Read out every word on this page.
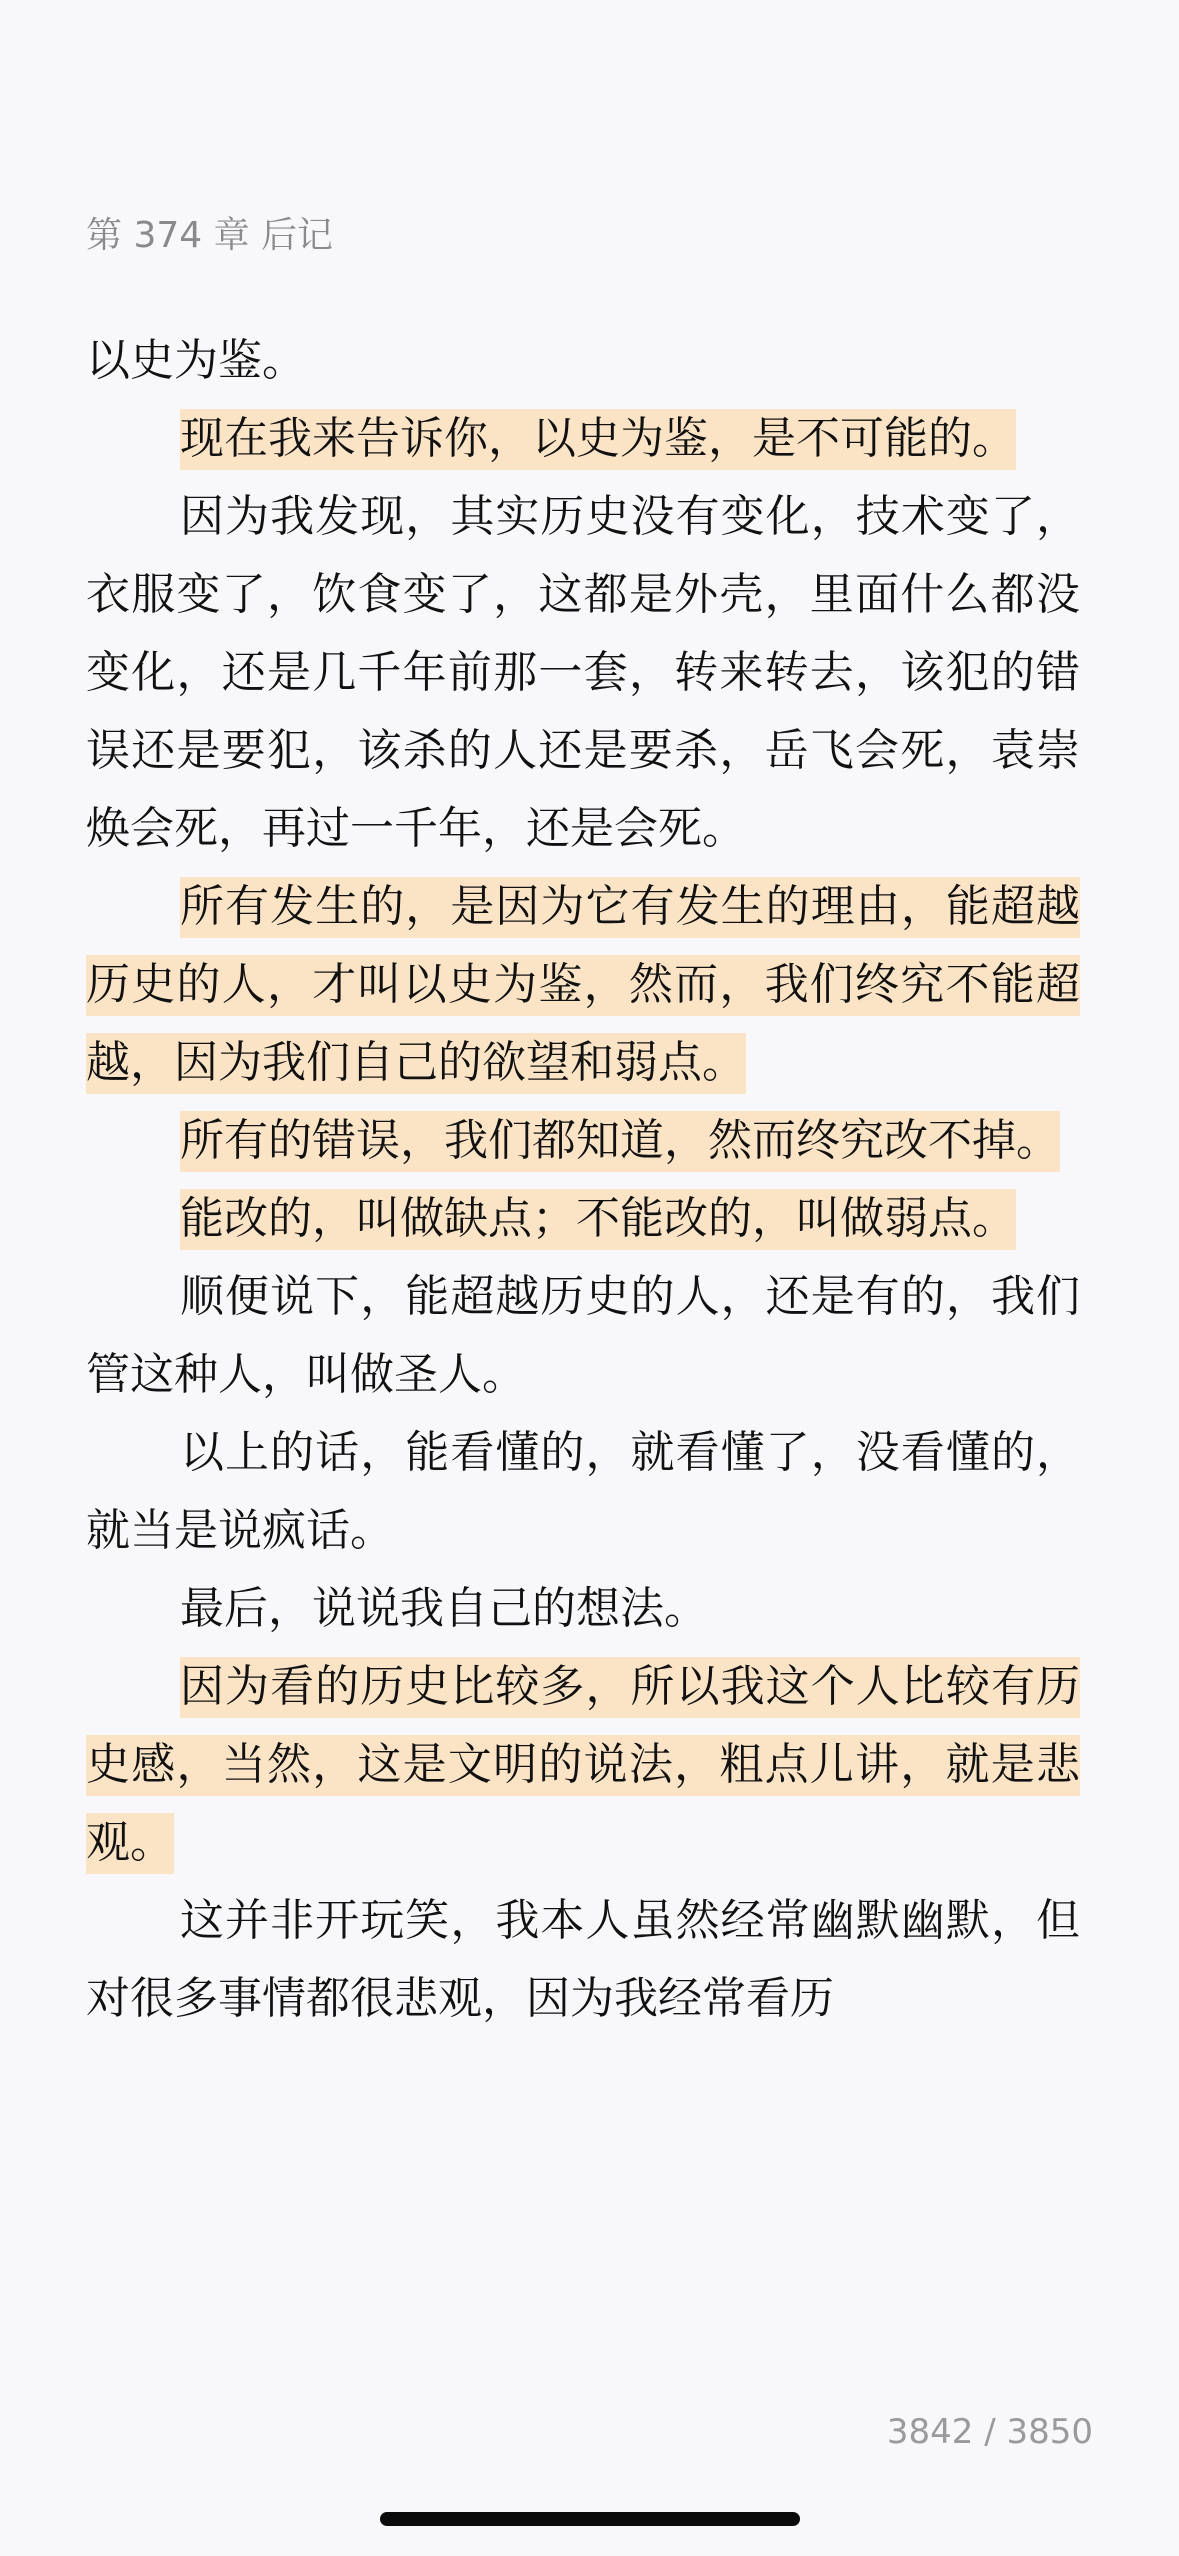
第 374 章 后记

以史为鉴。

现在我来告诉你，以史为鉴，是不可能的。

因为我发现，其实历史没有变化，技术变了，衣服变了，饮食变了，这都是外壳，里面什么都没变化，还是几千年前那一套，转来转去，该犯的错误还是要犯，该杀的人还是要杀，岳飞会死，袁崇焕会死，再过一千年，还是会死。

所有发生的，是因为它有发生的理由，能超越历史的人，才叫以史为鉴，然而，我们终究不能超越，因为我们自己的欲望和弱点。

所有的错误，我们都知道，然而终究改不掉。

能改的，叫做缺点；不能改的，叫做弱点。

顺便说下，能超越历史的人，还是有的，我们管这种人，叫做圣人。

以上的话，能看懂的，就看懂了，没看懂的，就当是说疯话。

最后，说说我自己的想法。

因为看的历史比较多，所以我这个人比较有历史感，当然，这是文明的说法，粗点儿讲，就是悲观。

这并非开玩笑，我本人虽然经常幽默幽默，但对很多事情都很悲观，因为我经常看历

3842 / 3850
